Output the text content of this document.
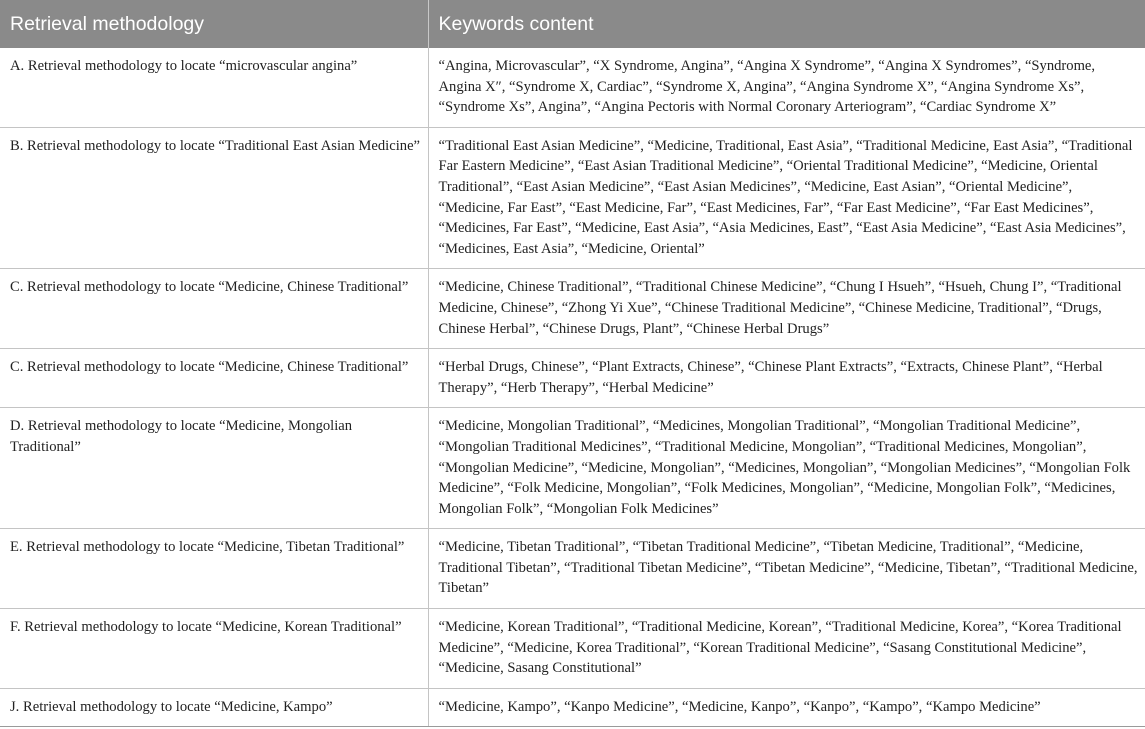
Retrieval methodology	Keywords content
A. Retrieval methodology to locate “microvascular angina”	“Angina, Microvascular”, “X Syndrome, Angina”, “Angina X Syndrome”, “Angina X Syndromes”, “Syndrome, Angina X″, “Syndrome X, Cardiac”, “Syndrome X, Angina”, “Angina Syndrome X”, “Angina Syndrome Xs”, “Syndrome Xs”, Angina”, “Angina Pectoris with Normal Coronary Arteriogram”, “Cardiac Syndrome X”
B. Retrieval methodology to locate “Traditional East Asian Medicine”	“Traditional East Asian Medicine”, “Medicine, Traditional, East Asia”, “Traditional Medicine, East Asia”, “Traditional Far Eastern Medicine”, “East Asian Traditional Medicine”, “Oriental Traditional Medicine”, “Medicine, Oriental Traditional”, “East Asian Medicine”, “East Asian Medicines”, “Medicine, East Asian”, “Oriental Medicine”, “Medicine, Far East”, “East Medicine, Far”, “East Medicines, Far”, “Far East Medicine”, “Far East Medicines”, “Medicines, Far East”, “Medicine, East Asia”, “Asia Medicines, East”, “East Asia Medicine”, “East Asia Medicines”, “Medicines, East Asia”, “Medicine, Oriental”
C. Retrieval methodology to locate “Medicine, Chinese Traditional”	“Medicine, Chinese Traditional”, “Traditional Chinese Medicine”, “Chung I Hsueh”, “Hsueh, Chung I”, “Traditional Medicine, Chinese”, “Zhong Yi Xue”, “Chinese Traditional Medicine”, “Chinese Medicine, Traditional”, “Drugs, Chinese Herbal”, “Chinese Drugs, Plant”, “Chinese Herbal Drugs”
C. Retrieval methodology to locate “Medicine, Chinese Traditional”	“Herbal Drugs, Chinese”, “Plant Extracts, Chinese”, “Chinese Plant Extracts”, “Extracts, Chinese Plant”, “Herbal Therapy”, “Herb Therapy”, “Herbal Medicine”
D. Retrieval methodology to locate “Medicine, Mongolian Traditional”	“Medicine, Mongolian Traditional”, “Medicines, Mongolian Traditional”, “Mongolian Traditional Medicine”, “Mongolian Traditional Medicines”, “Traditional Medicine, Mongolian”, “Traditional Medicines, Mongolian”, “Mongolian Medicine”, “Medicine, Mongolian”, “Medicines, Mongolian”, “Mongolian Medicines”, “Mongolian Folk Medicine”, “Folk Medicine, Mongolian”, “Folk Medicines, Mongolian”, “Medicine, Mongolian Folk”, “Medicines, Mongolian Folk”, “Mongolian Folk Medicines”
E. Retrieval methodology to locate “Medicine, Tibetan Traditional”	“Medicine, Tibetan Traditional”, “Tibetan Traditional Medicine”, “Tibetan Medicine, Traditional”, “Medicine, Traditional Tibetan”, “Traditional Tibetan Medicine”, “Tibetan Medicine”, “Medicine, Tibetan”, “Traditional Medicine, Tibetan”
F. Retrieval methodology to locate “Medicine, Korean Traditional”	“Medicine, Korean Traditional”, “Traditional Medicine, Korean”, “Traditional Medicine, Korea”, “Korea Traditional Medicine”, “Medicine, Korea Traditional”, “Korean Traditional Medicine”, “Sasang Constitutional Medicine”, “Medicine, Sasang Constitutional”
J. Retrieval methodology to locate “Medicine, Kampo”	“Medicine, Kampo”, “Kanpo Medicine”, “Medicine, Kanpo”, “Kanpo”, “Kampo”, “Kampo Medicine”
